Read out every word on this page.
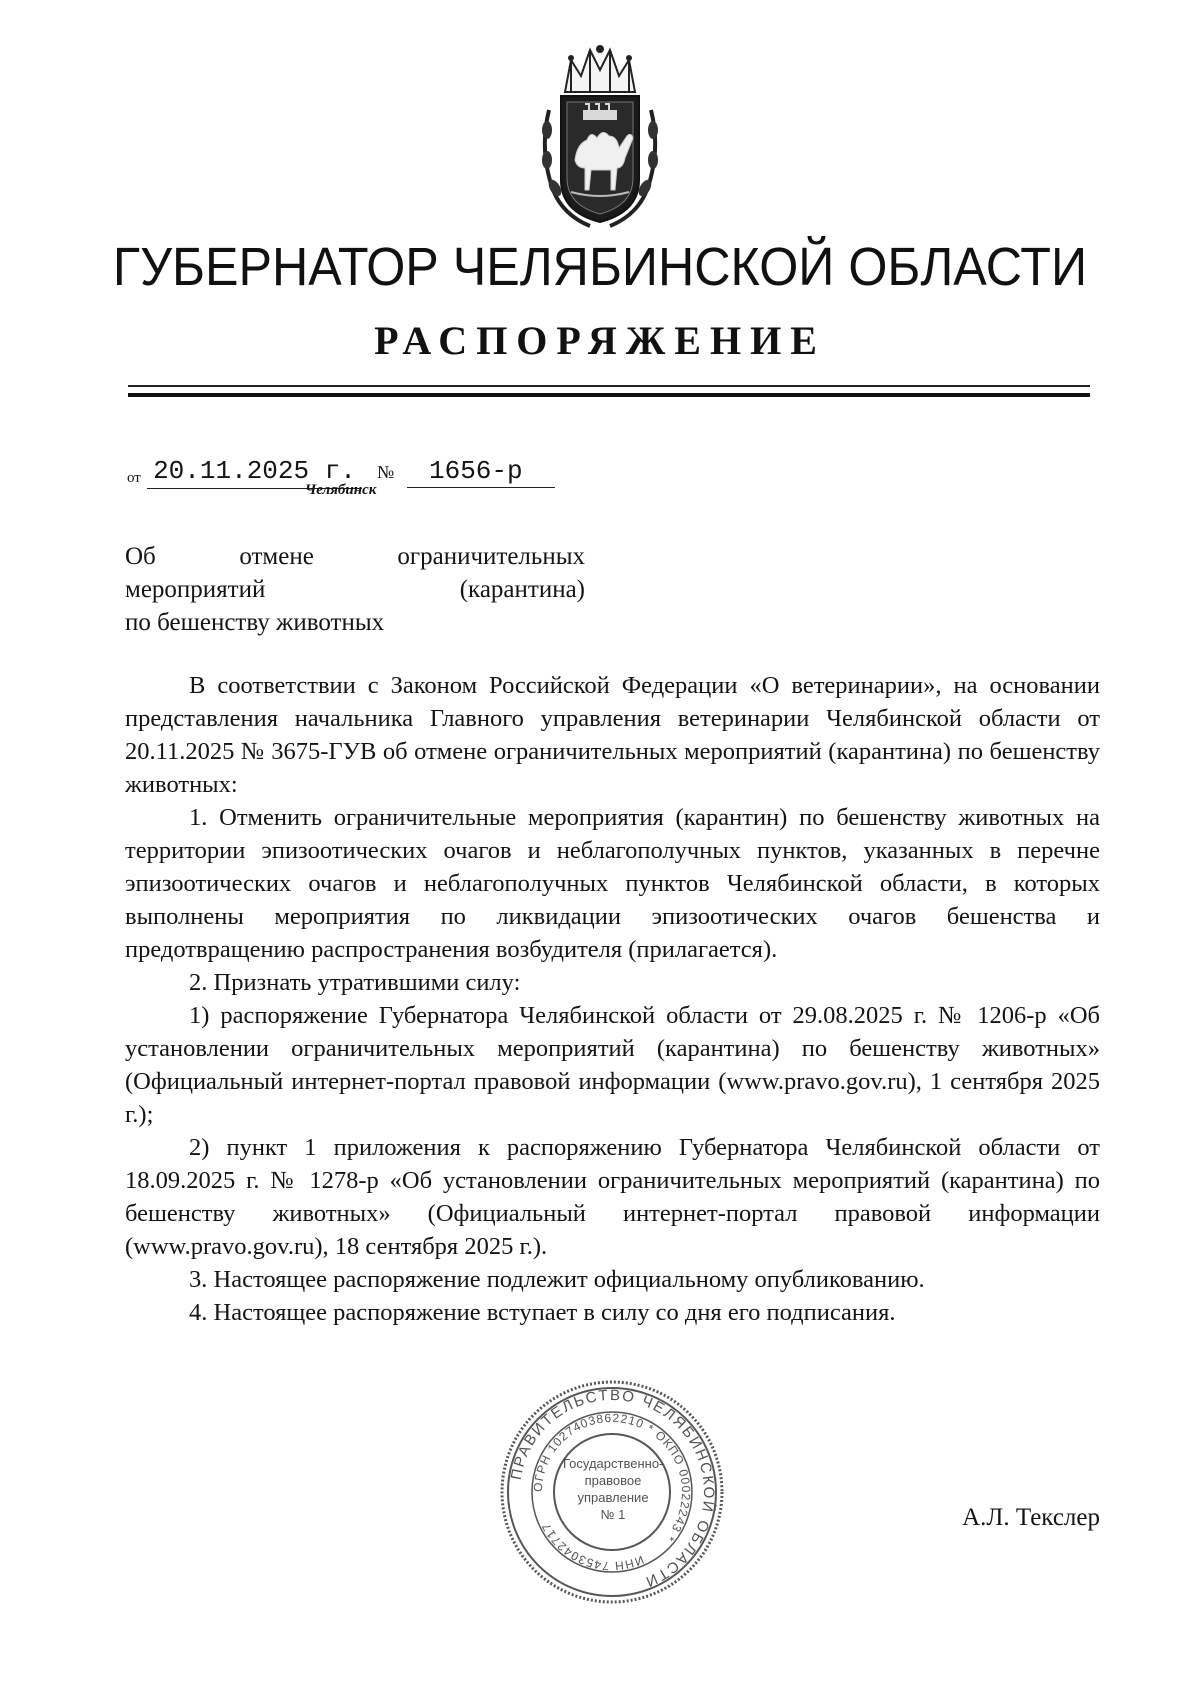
ГУБЕРНАТОР ЧЕЛЯБИНСКОЙ ОБЛАСТИ
РАСПОРЯЖЕНИЕ
от 20.11.2025 г.	№	1656-р
Челябинск
Об отмене ограничительных
мероприятий (карантина)
по бешенству животных

В соответствии с Законом Российской Федерации «О ветеринарии», на основании представления начальника Главного управления ветеринарии Челябинской области от 20.11.2025 № 3675-ГУВ об отмене ограничительных мероприятий (карантина) по бешенству животных:

1. Отменить ограничительные мероприятия (карантин) по бешенству животных на территории эпизоотических очагов и неблагополучных пунктов, указанных в перечне эпизоотических очагов и неблагополучных пунктов Челябинской области, в которых выполнены мероприятия по ликвидации эпизоотических очагов бешенства и предотвращению распространения возбудителя (прилагается).

2. Признать утратившими силу:

1) распоряжение Губернатора Челябинской области от 29.08.2025 г. № 1206-р «Об установлении ограничительных мероприятий (карантина) по бешенству животных» (Официальный интернет-портал правовой информации (www.pravo.gov.ru), 1 сентября 2025 г.);

2) пункт 1 приложения к распоряжению Губернатора Челябинской области от 18.09.2025 г. № 1278-р «Об установлении ограничительных мероприятий (карантина) по бешенству животных» (Официальный интернет-портал правовой информации (www.pravo.gov.ru), 18 сентября 2025 г.).

3. Настоящее распоряжение подлежит официальному опубликованию.

4. Настоящее распоряжение вступает в силу со дня его подписания.

ПРАВИТЕЛЬСТВО ЧЕЛЯБИНСКОЙ ОБЛАСТИ
ОГРН 1027403862210 * ОКПО 00022243 *
ИНН 7453042717
Государственно-
правовое
управление
№ 1	А.Л. Текслер
